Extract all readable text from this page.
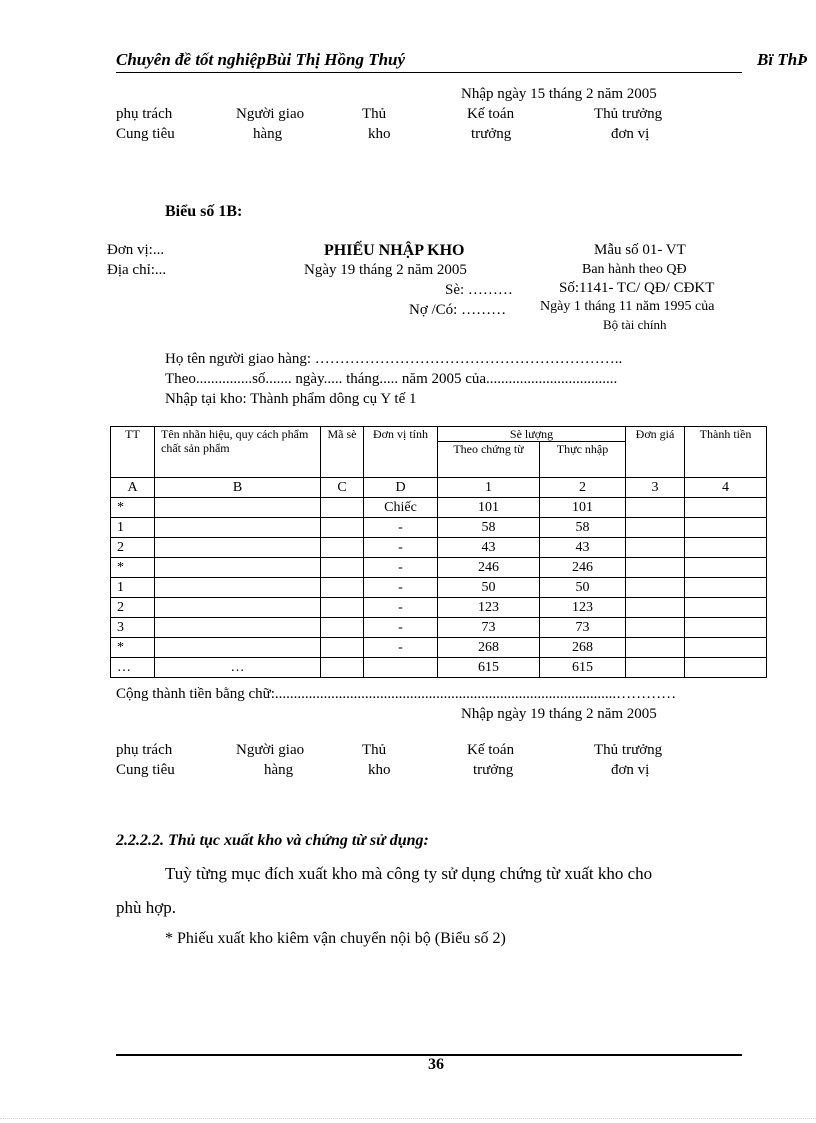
Chuyên đề tốt nghiệpBùi Thị Hồng Thuý	Bï ThÞ
Nhập ngày 15 tháng 2 năm 2005
phụ trách
Cung tiêu
Người giao
hàng
Thủ
kho
Kế toán
trưởng
Thủ trưởng
đơn vị
Biểu số 1B:
Đơn vị:...
Địa chỉ:...
PHIẾU NHẬP KHO
Ngày 19 tháng 2 năm 2005
Sè: ………
Nợ /Có: ………
Mẫu số 01- VT
Ban hành theo QĐ
Số:1141- TC/ QĐ/ CĐKT
Ngày 1 tháng 11 năm 1995 của
Bộ tài chính
Họ tên người giao hàng: ……………………………………………………..
Theo...............số....... ngày..... tháng..... năm 2005 của...................................
Nhập tại kho: Thành phẩm dông cụ Y tế 1
TT	Tên nhãn hiệu, quy cách phẩm chất sản phẩm	Mã sè	Đơn vị tính	Sè lượng		Đơn giá	Thành tiền
				Theo chứng từ	Thực nhập		
A	B	C	D	1	2	3	4
*			Chiếc	101	101		
1			-	58	58		
2			-	43	43		
*			-	246	246		
1			-	50	50		
2			-	123	123		
3			-	73	73		
*			-	268	268		
…	…			615	615		
Cộng thành tiền bằng chữ:...........................................................................................…………
Nhập ngày 19 tháng 2 năm 2005
phụ trách
Cung tiêu
Người giao
hàng
Thủ
kho
Kế toán
trưởng
Thủ trưởng
đơn vị
2.2.2.2. Thủ tục xuất kho và chứng từ sử dụng:
Tuỳ từng mục đích xuất kho mà công ty sử dụng chứng từ xuất kho cho
phù hợp.
* Phiếu xuất kho kiêm vận chuyển nội bộ (Biểu số 2)
36
